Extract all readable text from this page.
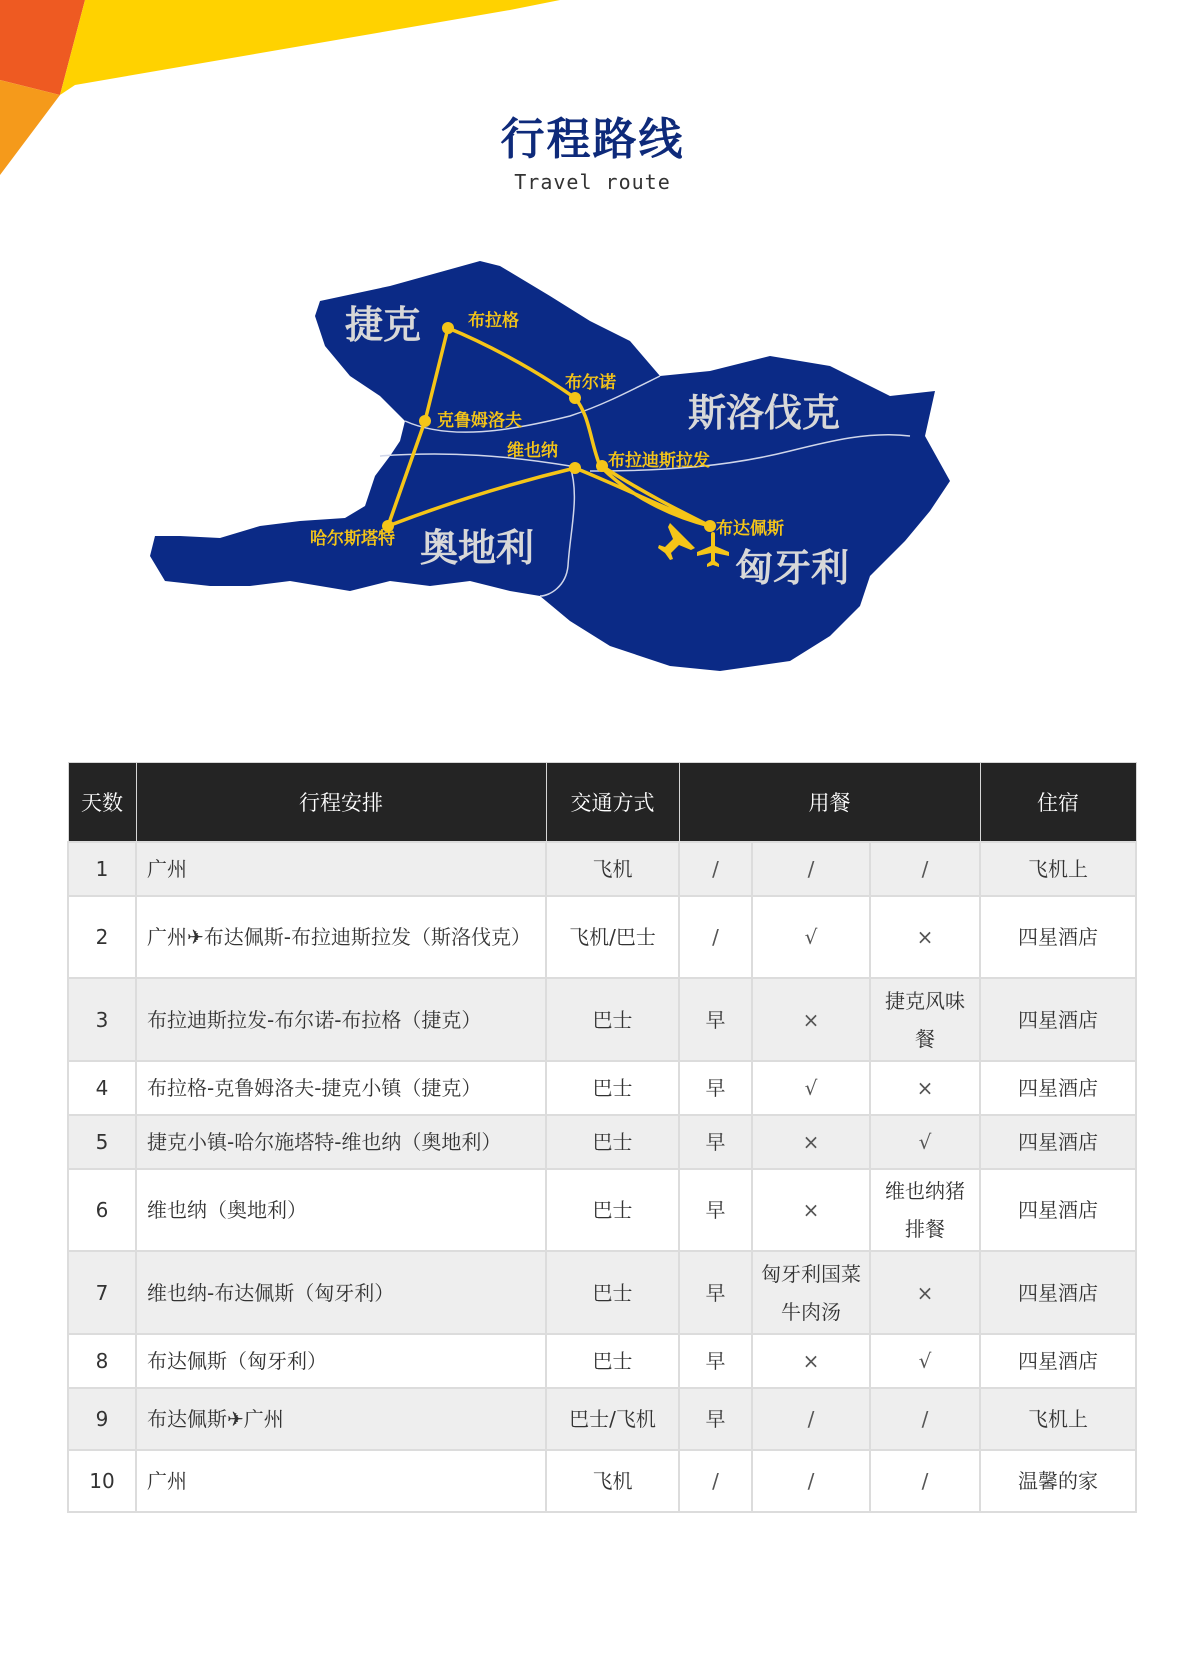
行程路线
Travel route
捷克
斯洛伐克
奥地利	匈牙利
布拉格
布尔诺
克鲁姆洛夫
维也纳	布拉迪斯拉发
哈尔斯塔特	布达佩斯
天数	行程安排	交通方式	用餐			住宿
1	广州	飞机	/	/	/	飞机上
2	广州✈布达佩斯-布拉迪斯拉发（斯洛伐克）	飞机/巴士	/	√	×	四星酒店
3	布拉迪斯拉发-布尔诺-布拉格（捷克）	巴士	早	×	捷克风味餐	四星酒店
4	布拉格-克鲁姆洛夫-捷克小镇（捷克）	巴士	早	√	×	四星酒店
5	捷克小镇-哈尔施塔特-维也纳（奥地利）	巴士	早	×	√	四星酒店
6	维也纳（奥地利）	巴士	早	×	维也纳猪排餐	四星酒店
7	维也纳-布达佩斯（匈牙利）	巴士	早	匈牙利国菜牛肉汤	×	四星酒店
8	布达佩斯（匈牙利）	巴士	早	×	√	四星酒店
9	布达佩斯✈广州	巴士/飞机	早	/	/	飞机上
10	广州	飞机	/	/	/	温馨的家
